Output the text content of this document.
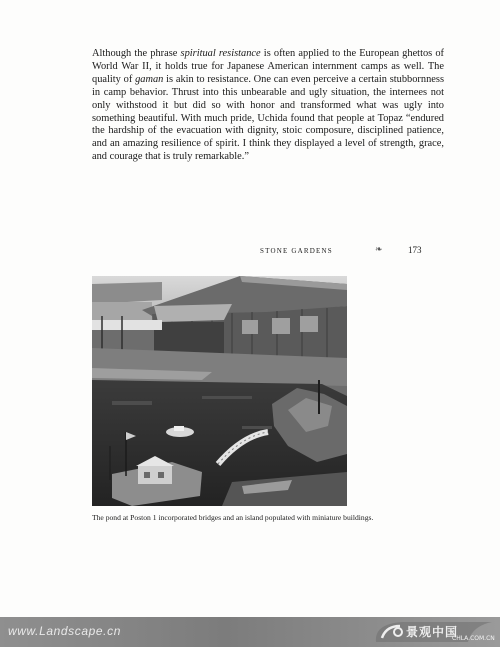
Although the phrase spiritual resistance is often applied to the European ghettos of World War II, it holds true for Japanese American internment camps as well. The quality of gaman is akin to resistance. One can even perceive a certain stubbornness in camp behavior. Thrust into this unbearable and ugly situation, the internees not only withstood it but did so with honor and transformed what was ugly into something beautiful. With much pride, Uchida found that people at Topaz “endured the hardship of the evacuation with dignity, stoic composure, disciplined patience, and an amazing resilience of spirit. I think they displayed a level of strength, grace, and courage that is truly remarkable.”
STONE GARDENS	❧	173
The pond at Poston 1 incorporated bridges and an island populated with miniature buildings.
www.Landscape.cn	景观中国
CHLA.COM.CN
